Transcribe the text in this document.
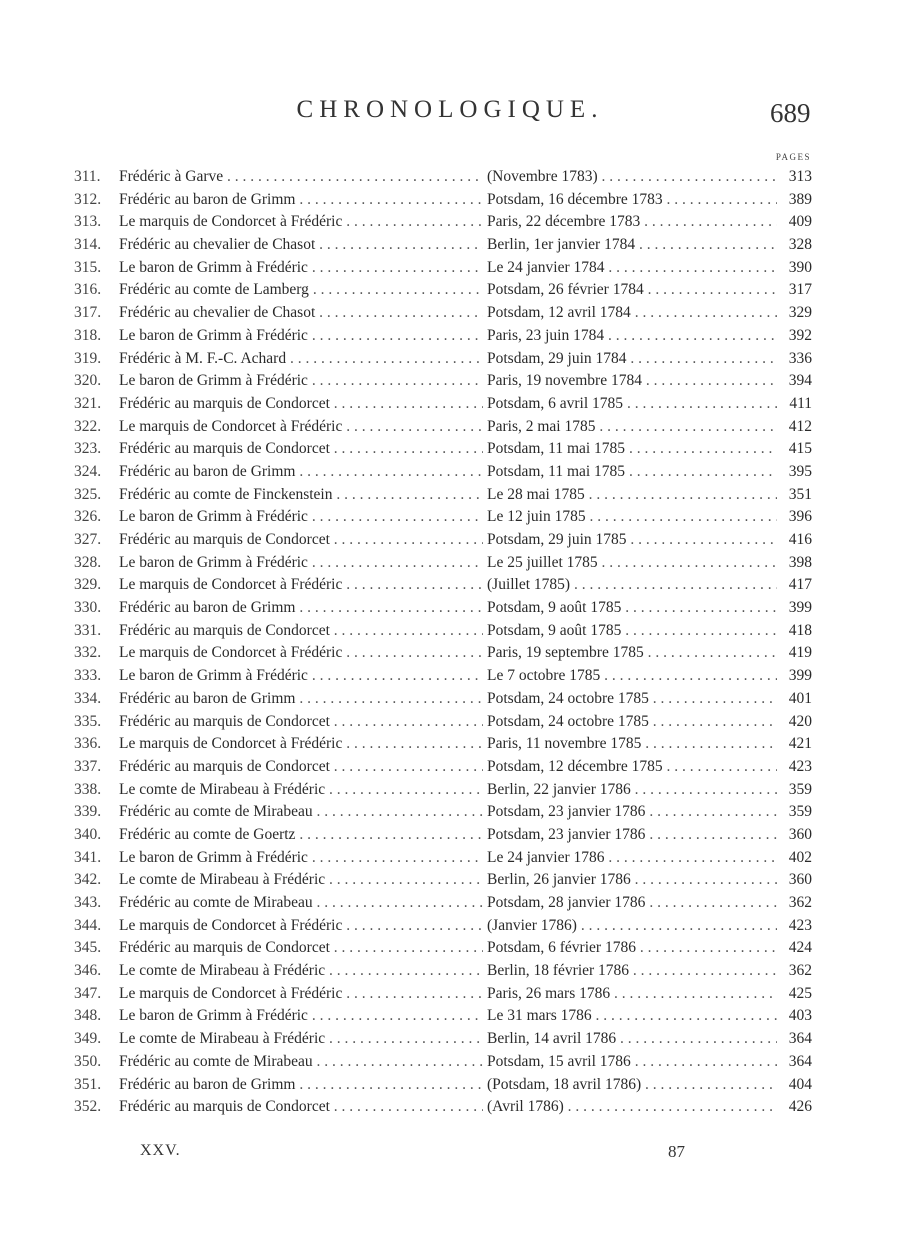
CHRONOLOGIQUE.	689
PAGES
311.	Frédéric à Garve . . .	(Novembre 1783) . . .	313
312.	Frédéric au baron de Grimm . . .	Potsdam, 16 décembre 1783 . . .	389
313.	Le marquis de Condorcet à Frédéric . . .	Paris, 22 décembre 1783 . . .	409
314.	Frédéric au chevalier de Chasot . . .	Berlin, 1er janvier 1784 . . .	328
315.	Le baron de Grimm à Frédéric . . .	Le 24 janvier 1784 . . .	390
316.	Frédéric au comte de Lamberg . . .	Potsdam, 26 février 1784 . . .	317
317.	Frédéric au chevalier de Chasot . . .	Potsdam, 12 avril 1784 . . .	329
318.	Le baron de Grimm à Frédéric . . .	Paris, 23 juin 1784 . . .	392
319.	Frédéric à M. F.-C. Achard . . .	Potsdam, 29 juin 1784 . . .	336
320.	Le baron de Grimm à Frédéric . . .	Paris, 19 novembre 1784 . . .	394
321.	Frédéric au marquis de Condorcet . . .	Potsdam, 6 avril 1785 . . .	411
322.	Le marquis de Condorcet à Frédéric . . .	Paris, 2 mai 1785 . . .	412
323.	Frédéric au marquis de Condorcet . . .	Potsdam, 11 mai 1785 . . .	415
324.	Frédéric au baron de Grimm . . .	Potsdam, 11 mai 1785 . . .	395
325.	Frédéric au comte de Finckenstein . . .	Le 28 mai 1785 . . .	351
326.	Le baron de Grimm à Frédéric . . .	Le 12 juin 1785 . . .	396
327.	Frédéric au marquis de Condorcet . . .	Potsdam, 29 juin 1785 . . .	416
328.	Le baron de Grimm à Frédéric . . .	Le 25 juillet 1785 . . .	398
329.	Le marquis de Condorcet à Frédéric . . .	(Juillet 1785) . . .	417
330.	Frédéric au baron de Grimm . . .	Potsdam, 9 août 1785 . . .	399
331.	Frédéric au marquis de Condorcet . . .	Potsdam, 9 août 1785 . . .	418
332.	Le marquis de Condorcet à Frédéric . . .	Paris, 19 septembre 1785 . . .	419
333.	Le baron de Grimm à Frédéric . . .	Le 7 octobre 1785 . . .	399
334.	Frédéric au baron de Grimm . . .	Potsdam, 24 octobre 1785 . . .	401
335.	Frédéric au marquis de Condorcet . . .	Potsdam, 24 octobre 1785 . . .	420
336.	Le marquis de Condorcet à Frédéric . . .	Paris, 11 novembre 1785 . . .	421
337.	Frédéric au marquis de Condorcet . . .	Potsdam, 12 décembre 1785 . . .	423
338.	Le comte de Mirabeau à Frédéric . . .	Berlin, 22 janvier 1786 . . .	359
339.	Frédéric au comte de Mirabeau . . .	Potsdam, 23 janvier 1786 . . .	359
340.	Frédéric au comte de Goertz . . .	Potsdam, 23 janvier 1786 . . .	360
341.	Le baron de Grimm à Frédéric . . .	Le 24 janvier 1786 . . .	402
342.	Le comte de Mirabeau à Frédéric . . .	Berlin, 26 janvier 1786 . . .	360
343.	Frédéric au comte de Mirabeau . . .	Potsdam, 28 janvier 1786 . . .	362
344.	Le marquis de Condorcet à Frédéric . . .	(Janvier 1786) . . .	423
345.	Frédéric au marquis de Condorcet . . .	Potsdam, 6 février 1786 . . .	424
346.	Le comte de Mirabeau à Frédéric . . .	Berlin, 18 février 1786 . . .	362
347.	Le marquis de Condorcet à Frédéric . . .	Paris, 26 mars 1786 . . .	425
348.	Le baron de Grimm à Frédéric . . .	Le 31 mars 1786 . . .	403
349.	Le comte de Mirabeau à Frédéric . . .	Berlin, 14 avril 1786 . . .	364
350.	Frédéric au comte de Mirabeau . . .	Potsdam, 15 avril 1786 . . .	364
351.	Frédéric au baron de Grimm . . .	(Potsdam, 18 avril 1786) . . .	404
352.	Frédéric au marquis de Condorcet . . .	(Avril 1786) . . .	426
XXV.	87
